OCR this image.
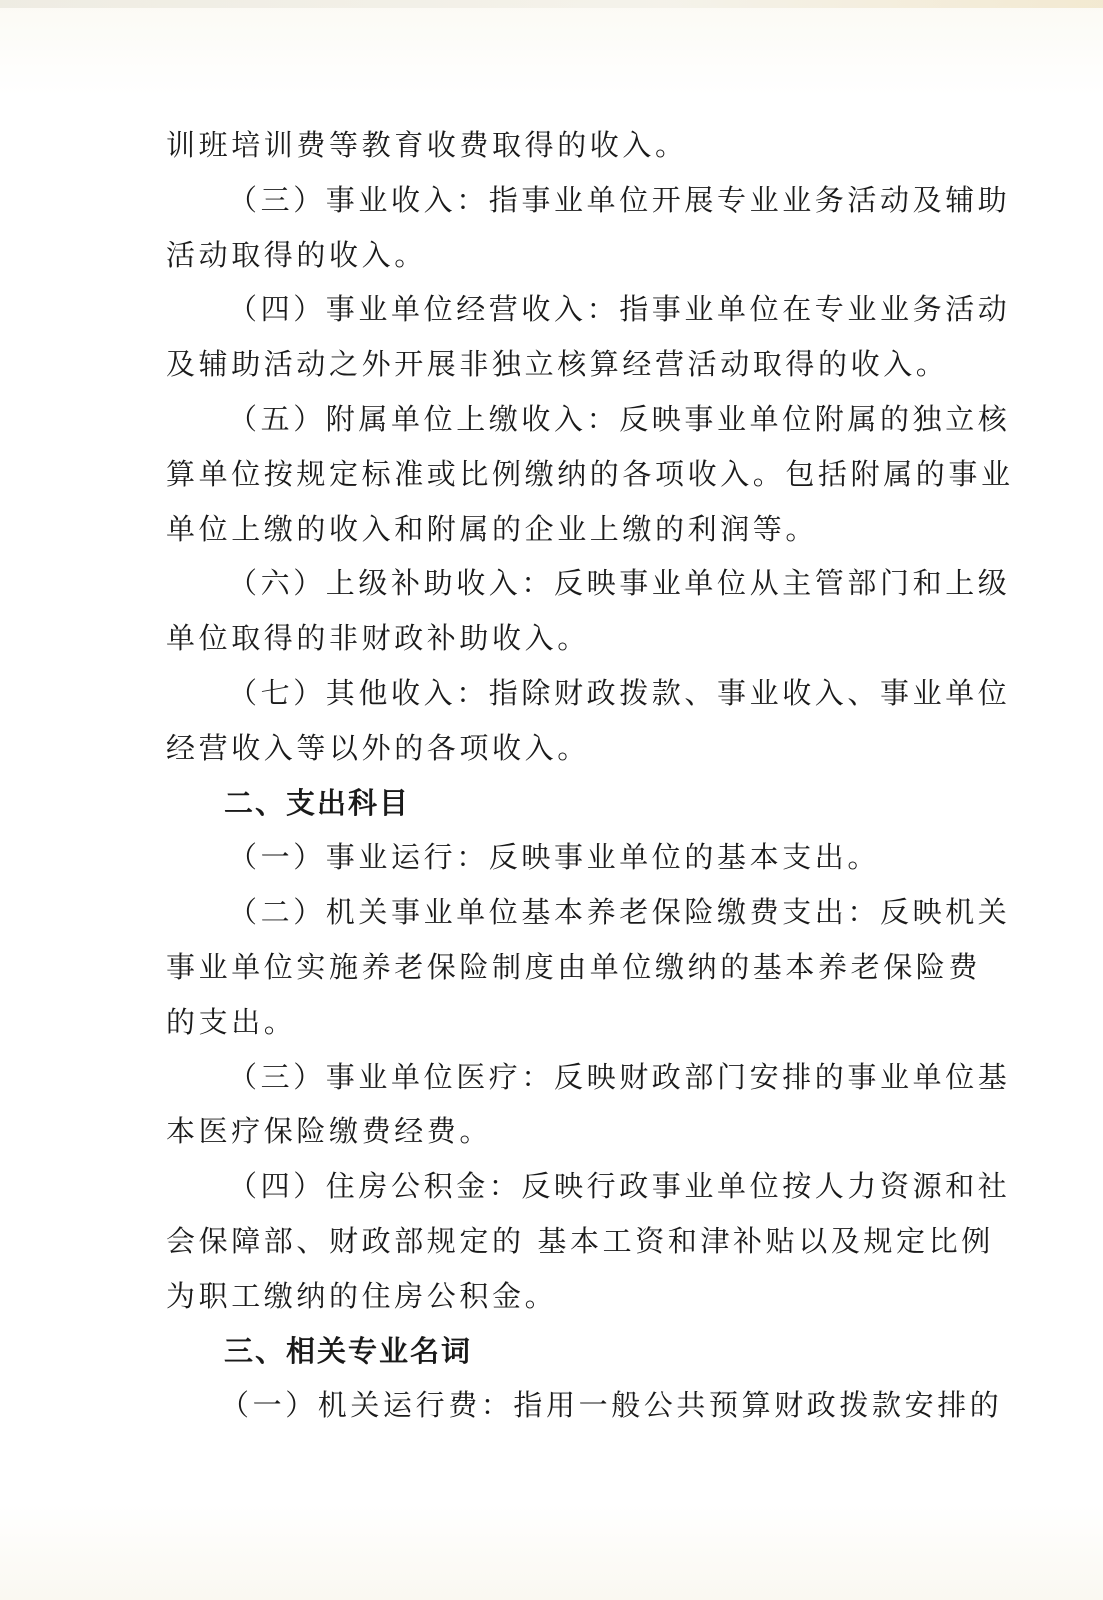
训班培训费等教育收费取得的收入。
（三）事业收入：指事业单位开展专业业务活动及辅助
活动取得的收入。
（四）事业单位经营收入：指事业单位在专业业务活动
及辅助活动之外开展非独立核算经营活动取得的收入。
（五）附属单位上缴收入：反映事业单位附属的独立核
算单位按规定标准或比例缴纳的各项收入。包括附属的事业
单位上缴的收入和附属的企业上缴的利润等。
（六）上级补助收入：反映事业单位从主管部门和上级
单位取得的非财政补助收入。
（七）其他收入：指除财政拨款、事业收入、事业单位
经营收入等以外的各项收入。
二、支出科目
（一）事业运行：反映事业单位的基本支出。
（二）机关事业单位基本养老保险缴费支出：反映机关
事业单位实施养老保险制度由单位缴纳的基本养老保险费
的支出。
（三）事业单位医疗：反映财政部门安排的事业单位基
本医疗保险缴费经费。
（四）住房公积金：反映行政事业单位按人力资源和社
会保障部、财政部规定的 基本工资和津补贴以及规定比例
为职工缴纳的住房公积金。
三、相关专业名词
（一）机关运行费：指用一般公共预算财政拨款安排的
